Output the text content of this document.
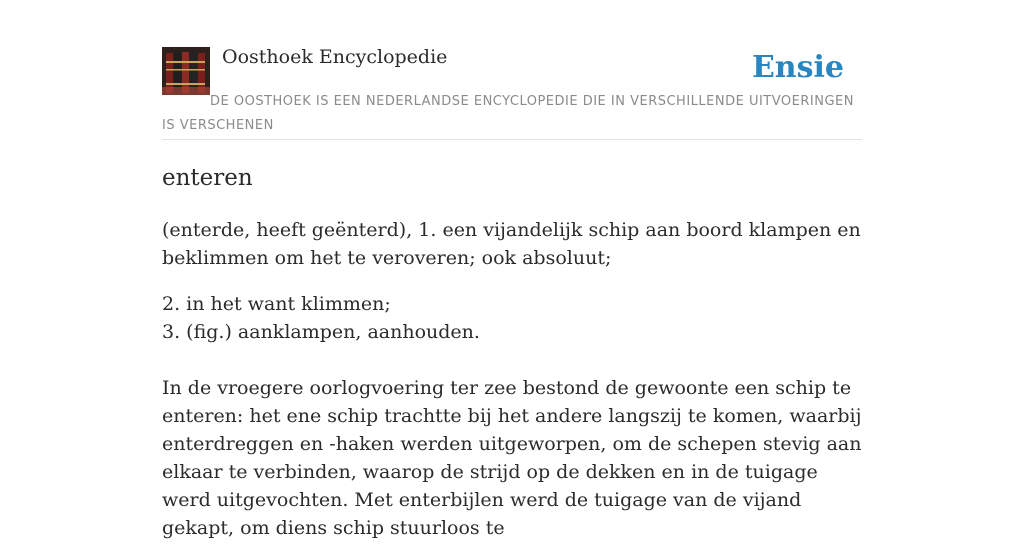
Oosthoek Encyclopedie	Ensie
DE OOSTHOEK IS EEN NEDERLANDSE ENCYCLOPEDIE DIE IN VERSCHILLENDE UITVOERINGEN IS VERSCHENEN
enteren

(enterde, heeft geënterd), 1. een vijandelijk schip aan boord klampen en beklimmen om het te veroveren; ook absoluut;

2. in het want klimmen;
3. (fig.) aanklampen, aanhouden.

In de vroegere oorlogvoering ter zee bestond de gewoonte een schip te enteren: het ene schip trachtte bij het andere langszij te komen, waarbij enterdreggen en -haken werden uitgeworpen, om de schepen stevig aan elkaar te verbinden, waarop de strijd op de dekken en in de tuigage werd uitgevochten. Met enterbijlen werd de tuigage van de vijand gekapt, om diens schip stuurloos te
